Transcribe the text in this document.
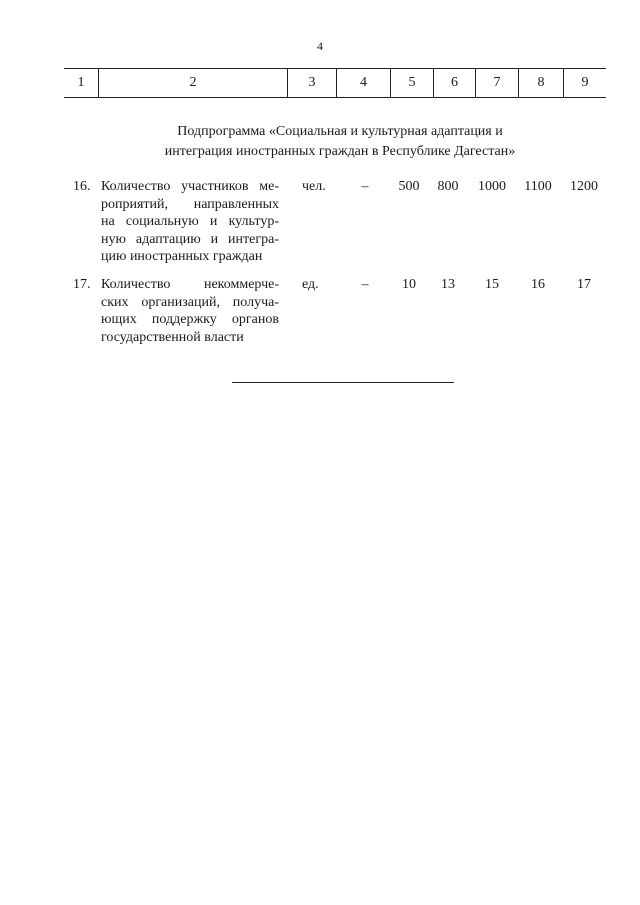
4
1	2	3	4	5	6	7	8	9
Подпрограмма «Социальная и культурная адаптация и
интеграция иностранных граждан в Республике Дагестан»
16. Количество участников ме-
роприятий, направленных
на социальную и культур-
ную адаптацию и интегра-
цию иностранных граждан
чел.	–	500	800	1000	1100	1200
17. Количество некоммерче-
ских организаций, получа-
ющих поддержку органов
государственной власти
ед.	–	10	13	15	16	17
